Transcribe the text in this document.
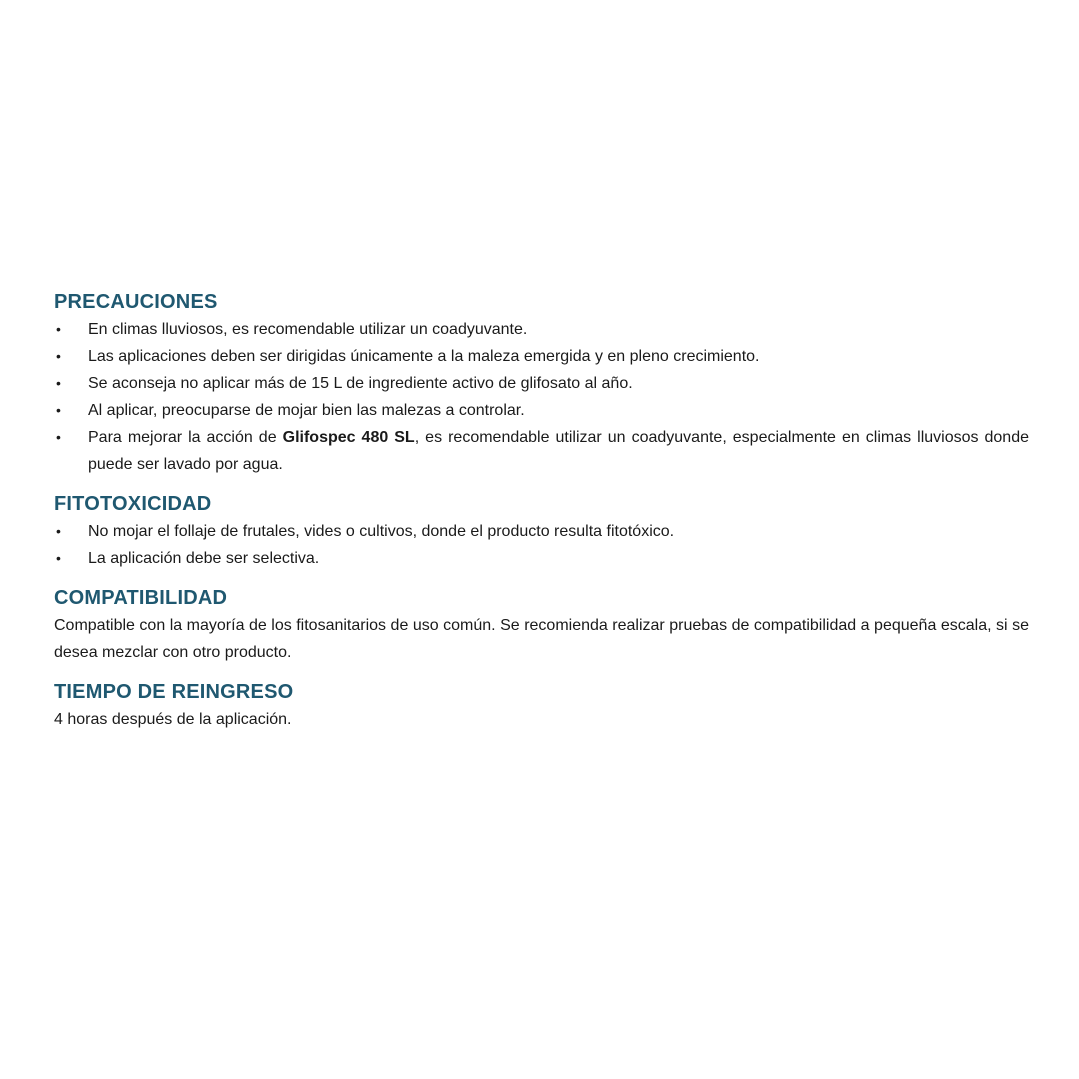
PRECAUCIONES
•	En climas lluviosos, es recomendable utilizar un coadyuvante.
•	Las aplicaciones deben ser dirigidas únicamente a la maleza emergida y en pleno crecimiento.
•	Se aconseja no aplicar más de 15 L de ingrediente activo de glifosato al año.
•	Al aplicar, preocuparse de mojar bien las malezas a controlar.
•	Para mejorar la acción de Glifospec 480 SL, es recomendable utilizar un coadyuvante, especialmente en climas lluviosos donde puede ser lavado por agua.
FITOTOXICIDAD
•	No mojar el follaje de frutales, vides o cultivos, donde el producto resulta fitotóxico.
•	La aplicación debe ser selectiva.
COMPATIBILIDAD

Compatible con la mayoría de los fitosanitarios de uso común. Se recomienda realizar pruebas de compatibilidad a pequeña escala, si se desea mezclar con otro producto.

TIEMPO DE REINGRESO

4 horas después de la aplicación.
